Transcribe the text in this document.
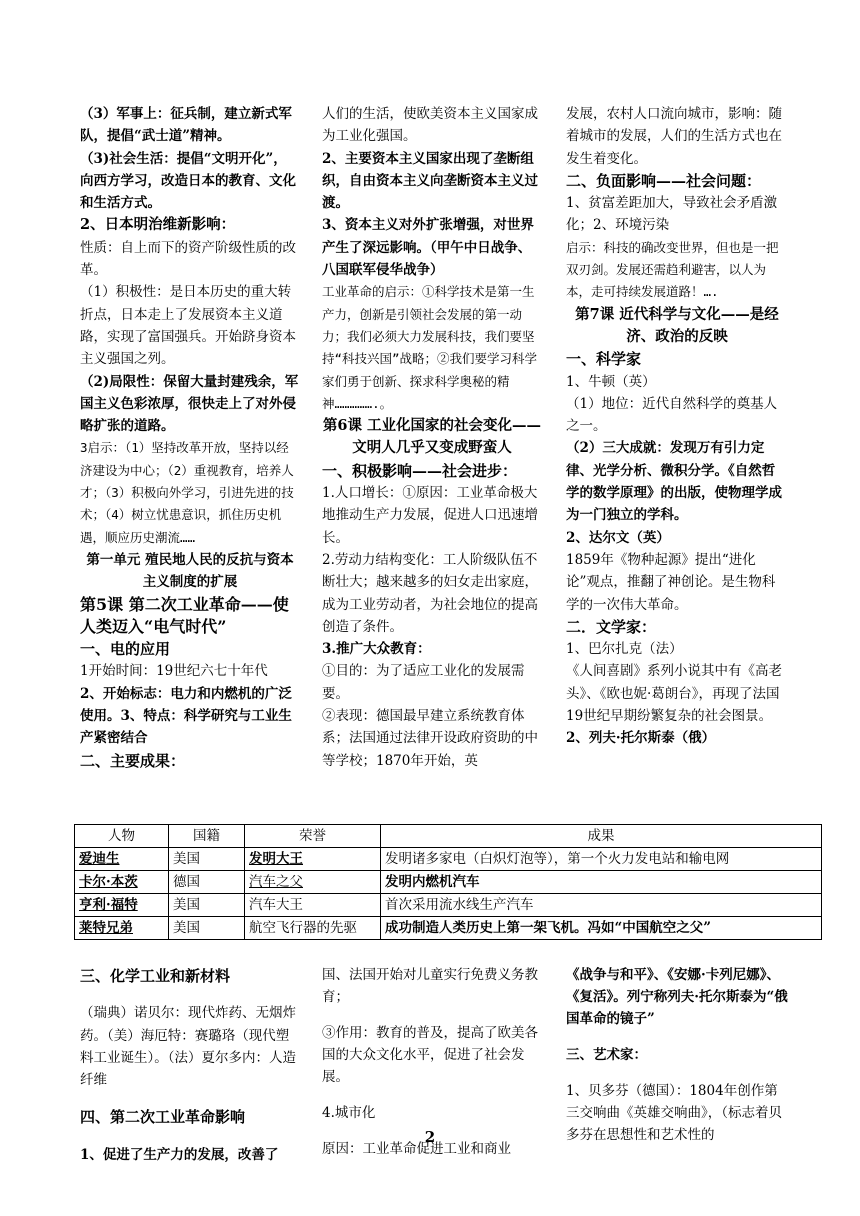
（3）军事上：征兵制，建立新式军队，提倡“武士道”精神。

（3)社会生活：提倡“文明开化”，向西方学习，改造日本的教育、文化和生活方式。

2、日本明治维新影响：

性质：自上而下的资产阶级性质的改革。

（1）积极性：是日本历史的重大转折点，日本走上了发展资本主义道路，实现了富国强兵。开始跻身资本主义强国之列。

（2)局限性：保留大量封建残余，军国主义色彩浓厚，很快走上了对外侵略扩张的道路。

3启示：（1）坚持改革开放，坚持以经济建设为中心；（2）重视教育，培养人才；（3）积极向外学习，引进先进的技术；（4）树立忧患意识，抓住历史机遇，顺应历史潮流……

第一单元 殖民地人民的反抗与资本主义制度的扩展

第5课 第二次工业革命——使人类迈入“电气时代”

一、电的应用

1开始时间：19世纪六七十年代

2、开始标志：电力和内燃机的广泛使用。3、特点：科学研究与工业生产紧密结合

二、主要成果：

人们的生活，使欧美资本主义国家成为工业化强国。

2、主要资本主义国家出现了垄断组织，自由资本主义向垄断资本主义过渡。

3、资本主义对外扩张增强，对世界产生了深远影响。（甲午中日战争、八国联军侵华战争）

工业革命的启示：①科学技术是第一生产力，创新是引领社会发展的第一动力；我们必须大力发展科技，我们要坚持“科技兴国”战略；②我们要学习科学家们勇于创新、探求科学奥秘的精神…………….。

第6课 工业化国家的社会变化——文明人几乎又变成野蛮人

一、积极影响——社会进步：

1.人口增长：①原因：工业革命极大地推动生产力发展，促进人口迅速增长。

2.劳动力结构变化：工人阶级队伍不断壮大；越来越多的妇女走出家庭，成为工业劳动者，为社会地位的提高创造了条件。

3.推广大众教育：

①目的：为了适应工业化的发展需要。

②表现：德国最早建立系统教育体系；法国通过法律开设政府资助的中等学校；1870年开始，英

发展，农村人口流向城市，影响：随着城市的发展，人们的生活方式也在发生着变化。

二、负面影响——社会问题：

1、贫富差距加大，导致社会矛盾激化；2、环境污染

启示：科技的确改变世界，但也是一把双刃剑。发展还需趋利避害，以人为本，走可持续发展道路！….

第7课 近代科学与文化——是经济、政治的反映

一、科学家

1、牛顿（英）

（1）地位：近代自然科学的奠基人之一。

（2）三大成就：发现万有引力定律、光学分析、微积分学。《自然哲学的数学原理》的出版，使物理学成为一门独立的学科。

2、达尔文（英）

1859年《物种起源》提出“进化论”观点，推翻了神创论。是生物科学的一次伟大革命。

二．文学家：

1、巴尔扎克（法）

《人间喜剧》系列小说其中有《高老头》、《欧也妮·葛朗台》，再现了法国19世纪早期纷繁复杂的社会图景。

2、列夫·托尔斯泰（俄）

人物	国籍	荣誉	成果
爱迪生	美国	发明大王	发明诸多家电（白炽灯泡等），第一个火力发电站和输电网
卡尔·本茨	德国	汽车之父	发明内燃机汽车
亨利·福特	美国	汽车大王	首次采用流水线生产汽车
莱特兄弟	美国	航空飞行器的先驱	成功制造人类历史上第一架飞机。冯如“中国航空之父”

三、化学工业和新材料

（瑞典）诺贝尔：现代炸药、无烟炸药。（美）海厄特：赛璐珞（现代塑料工业诞生）。（法）夏尔多内：人造纤维

四、第二次工业革命影响

1、促进了生产力的发展，改善了

国、法国开始对儿童实行免费义务教育；

③作用：教育的普及，提高了欧美各国的大众文化水平，促进了社会发展。

4.城市化

原因：工业革命促进工业和商业

《战争与和平》、《安娜·卡列尼娜》、《复活》。列宁称列夫·托尔斯泰为“俄国革命的镜子”

三、艺术家：

1、贝多芬（德国）：1804年创作第三交响曲《英雄交响曲》，（标志着贝多芬在思想性和艺术性的

2
